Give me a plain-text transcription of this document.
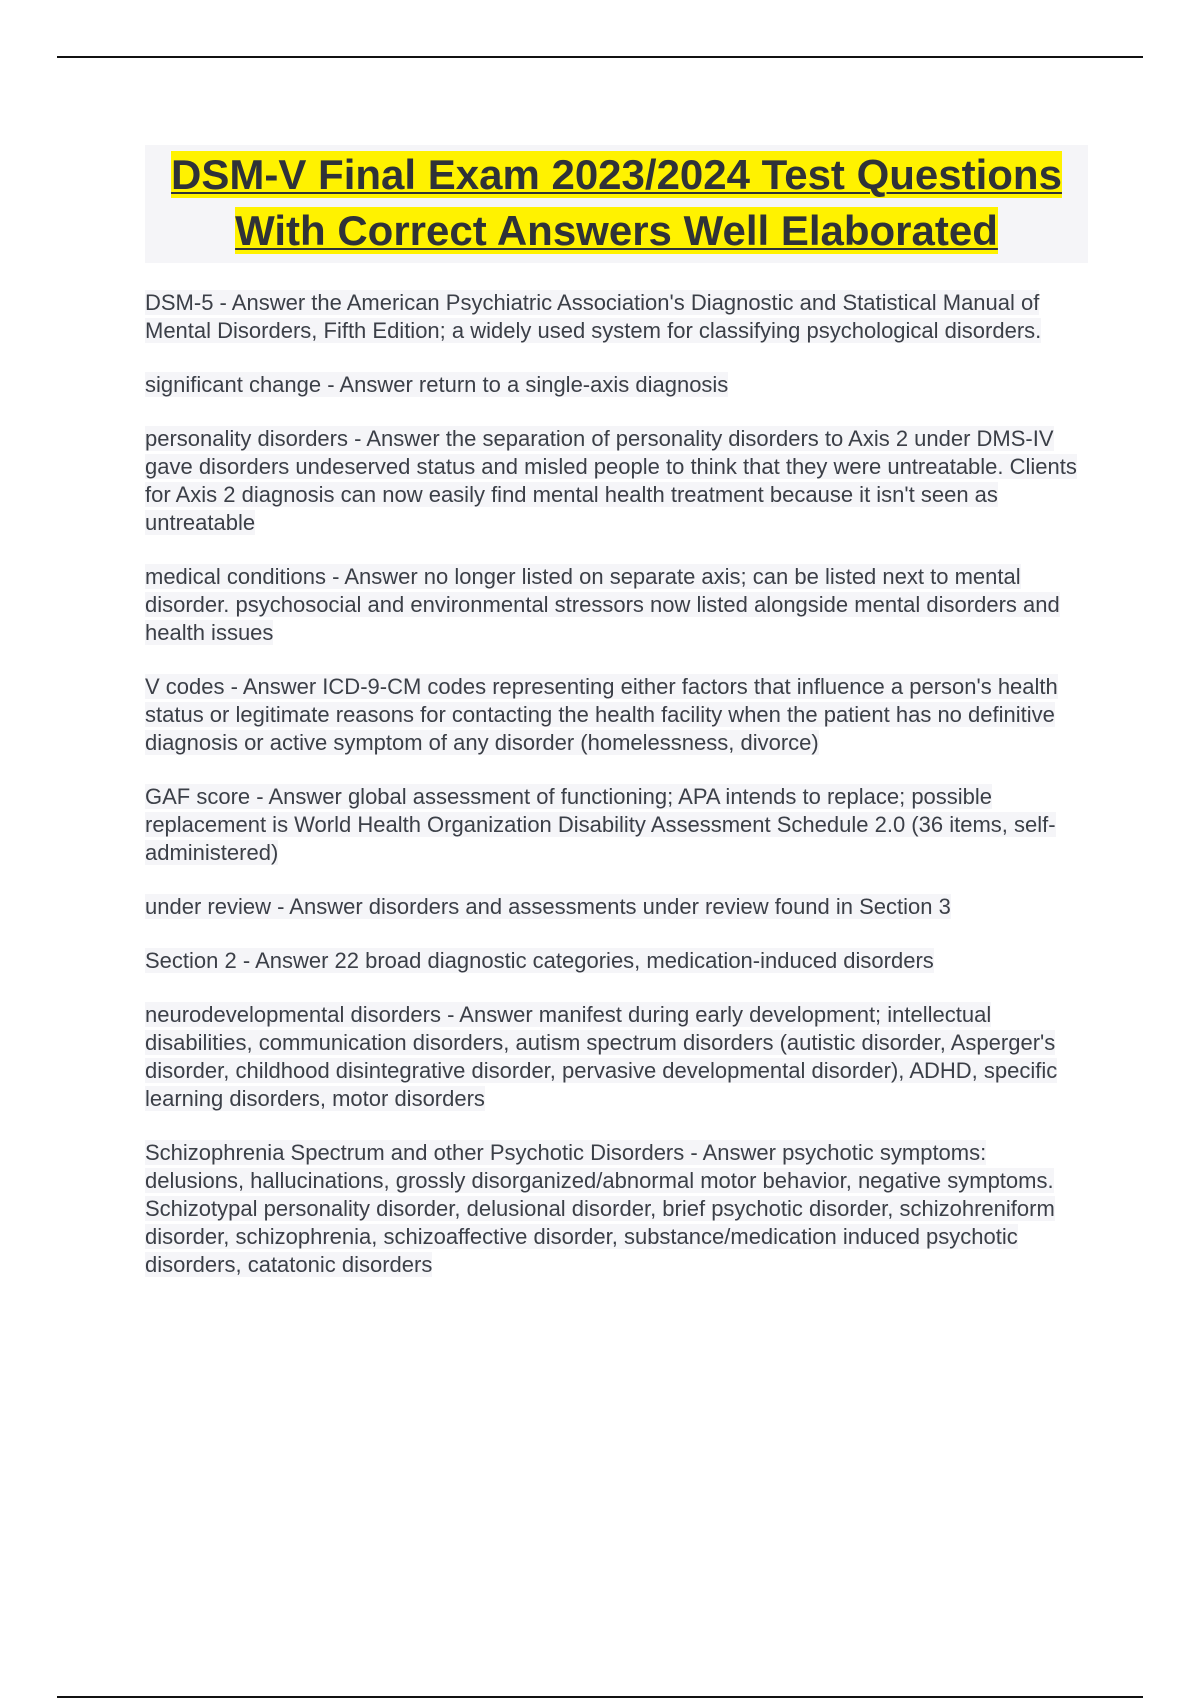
DSM-V Final Exam 2023/2024 Test Questions With Correct Answers Well Elaborated

DSM-5 - Answer the American Psychiatric Association's Diagnostic and Statistical Manual of Mental Disorders, Fifth Edition; a widely used system for classifying psychological disorders.

significant change - Answer return to a single-axis diagnosis

personality disorders - Answer the separation of personality disorders to Axis 2 under DMS-IV gave disorders undeserved status and misled people to think that they were untreatable. Clients for Axis 2 diagnosis can now easily find mental health treatment because it isn't seen as untreatable

medical conditions - Answer no longer listed on separate axis; can be listed next to mental disorder. psychosocial and environmental stressors now listed alongside mental disorders and health issues

V codes - Answer ICD-9-CM codes representing either factors that influence a person's health status or legitimate reasons for contacting the health facility when the patient has no definitive diagnosis or active symptom of any disorder (homelessness, divorce)

GAF score - Answer global assessment of functioning; APA intends to replace; possible replacement is World Health Organization Disability Assessment Schedule 2.0 (36 items, self-administered)

under review - Answer disorders and assessments under review found in Section 3

Section 2 - Answer 22 broad diagnostic categories, medication-induced disorders

neurodevelopmental disorders - Answer manifest during early development; intellectual disabilities, communication disorders, autism spectrum disorders (autistic disorder, Asperger's disorder, childhood disintegrative disorder, pervasive developmental disorder), ADHD, specific learning disorders, motor disorders

Schizophrenia Spectrum and other Psychotic Disorders - Answer psychotic symptoms: delusions, hallucinations, grossly disorganized/abnormal motor behavior, negative symptoms. Schizotypal personality disorder, delusional disorder, brief psychotic disorder, schizohreniform disorder, schizophrenia, schizoaffective disorder, substance/medication induced psychotic disorders, catatonic disorders
